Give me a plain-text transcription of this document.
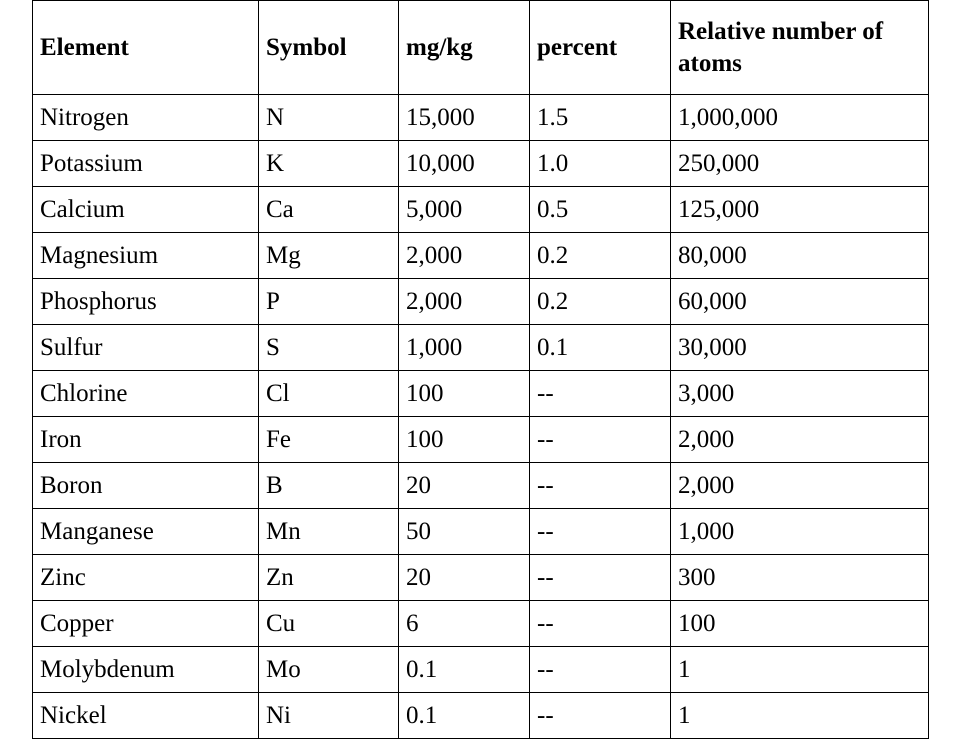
Element	Symbol	mg/kg	percent	Relative number of atoms
Nitrogen	N	15,000	1.5	1,000,000
Potassium	K	10,000	1.0	250,000
Calcium	Ca	5,000	0.5	125,000
Magnesium	Mg	2,000	0.2	80,000
Phosphorus	P	2,000	0.2	60,000
Sulfur	S	1,000	0.1	30,000
Chlorine	Cl	100	--	3,000
Iron	Fe	100	--	2,000
Boron	B	20	--	2,000
Manganese	Mn	50	--	1,000
Zinc	Zn	20	--	300
Copper	Cu	6	--	100
Molybdenum	Mo	0.1	--	1
Nickel	Ni	0.1	--	1
